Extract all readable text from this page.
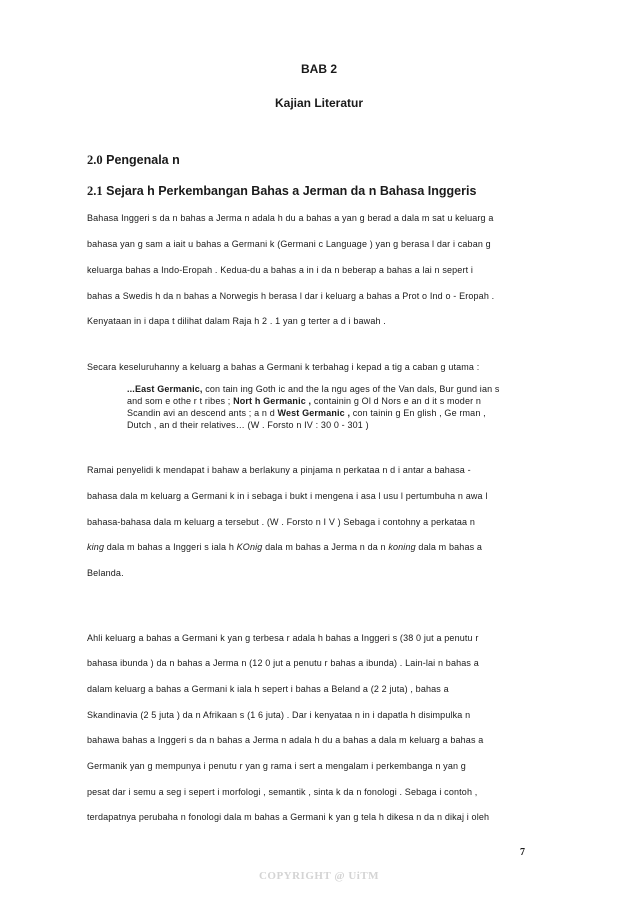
BAB 2
Kajian Literatur
2.0 Pengenala n
2.1 Sejara h Perkembangan Bahas a Jerman da n Bahasa Inggeris
Bahasa Inggeri s da n bahas a Jerma n adala h du a bahas a yan g berad a dala m sat u keluarg a
bahasa yan g sam a iait u bahas a Germani k (Germani c Language ) yan g berasa l dar i caban g
keluarga bahas a Indo-Eropah . Kedua-du a bahas a in i da n beberap a bahas a lai n sepert i
bahas a Swedis h da n bahas a Norwegis h berasa l dar i keluarg a bahas a Prot o Ind o - Eropah .
Kenyataan in i dapa t dilihat dalam Raja h 2 . 1 yan g terter a d i bawah .
Secara keseluruhanny a keluarg a bahas a Germani k terbahag i kepad a tig a caban g utama :
...East Germanic, con tain ing Goth ic and the la ngu ages of the Van dals, Bur gund ian s
and som e othe r t ribes ; Nort h Germanic , containin g Ol d Nors e an d it s moder n
Scandin avi an descend ants ; a n d West Germanic , con tainin g En glish , Ge rman ,
Dutch , an d their relatives… (W . Forsto n IV : 30 0 - 301 )
Ramai penyelidi k mendapat i bahaw a berlakuny a pinjama n perkataa n d i antar a bahasa -
bahasa dala m keluarg a Germani k in i sebaga i bukt i mengena i asa l usu l pertumbuha n awa l
bahasa-bahasa dala m keluarg a tersebut . (W . Forsto n I V ) Sebaga i contohny a perkataa n
king dala m bahas a Inggeri s iala h KOnig dala m bahas a Jerma n da n koning dala m bahas a
Belanda.
Ahli keluarg a bahas a Germani k yan g terbesa r adala h bahas a Inggeri s (38 0 jut a penutu r
bahasa ibunda ) da n bahas a Jerma n (12 0 jut a penutu r bahas a ibunda) . Lain-lai n bahas a
dalam keluarg a bahas a Germani k iala h sepert i bahas a Beland a (2 2 juta) , bahas a
Skandinavia (2 5 juta ) da n Afrikaan s (1 6 juta) . Dar i kenyataa n in i dapatla h disimpulka n
bahawa bahas a Inggeri s da n bahas a Jerma n adala h du a bahas a dala m keluarg a bahas a
Germanik yan g mempunya i penutu r yan g rama i sert a mengalam i perkembanga n yan g
pesat dar i semu a seg i sepert i morfologi , semantik , sinta k da n fonologi . Sebaga i contoh ,
terdapatnya perubaha n fonologi dala m bahas a Germani k yan g tela h dikesa n da n dikaj i oleh
7
COPYRIGHT @ UiTM
